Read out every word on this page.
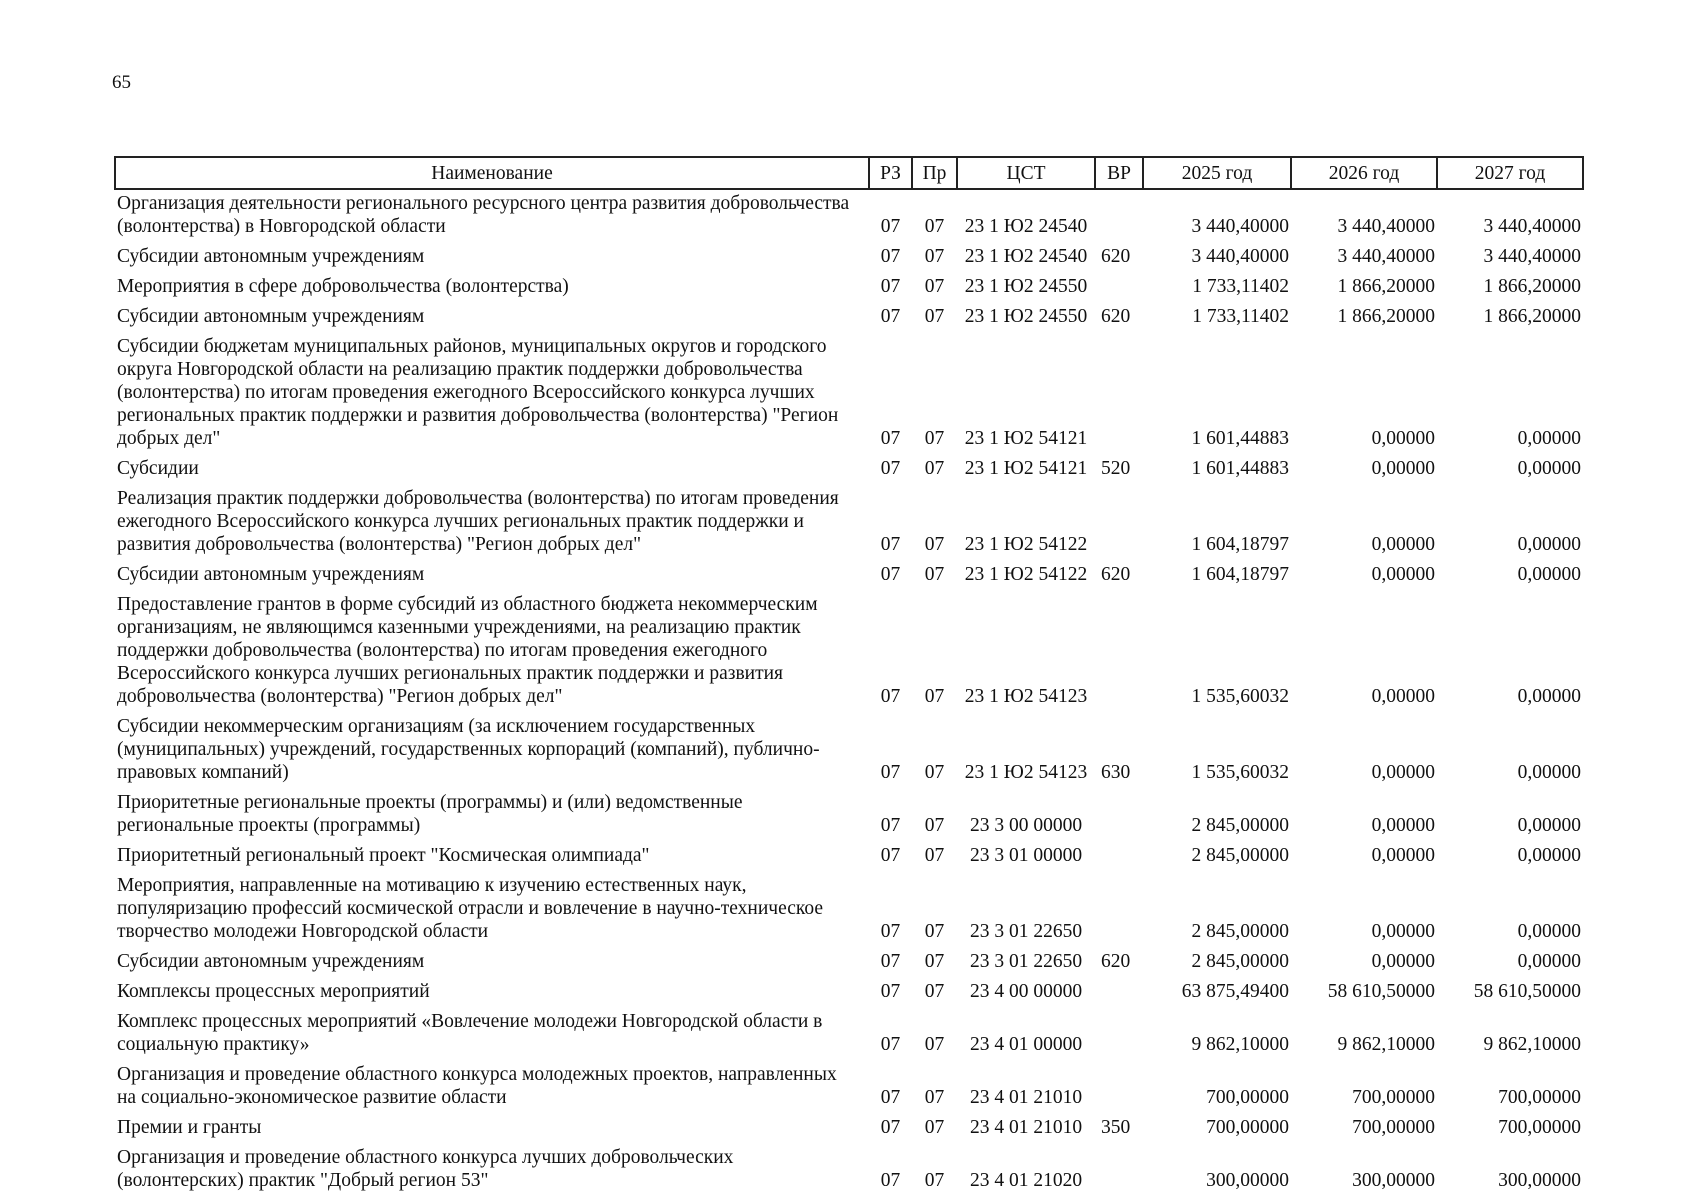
65
Наименование	РЗ	Пр	ЦСТ	ВР	2025 год	2026 год	2027 год
Организация деятельности регионального ресурсного центра развития добровольчества (волонтерства) в Новгородской области	07	07	23 1 Ю2 24540		3 440,40000	3 440,40000	3 440,40000
Субсидии автономным учреждениям	07	07	23 1 Ю2 24540	620	3 440,40000	3 440,40000	3 440,40000
Мероприятия в сфере добровольчества (волонтерства)	07	07	23 1 Ю2 24550		1 733,11402	1 866,20000	1 866,20000
Субсидии автономным учреждениям	07	07	23 1 Ю2 24550	620	1 733,11402	1 866,20000	1 866,20000
Субсидии бюджетам муниципальных районов, муниципальных округов и городского округа Новгородской области на реализацию практик поддержки добровольчества (волонтерства) по итогам проведения ежегодного Всероссийского конкурса лучших региональных практик поддержки и развития добровольчества (волонтерства) "Регион добрых дел"	07	07	23 1 Ю2 54121		1 601,44883	0,00000	0,00000
Субсидии	07	07	23 1 Ю2 54121	520	1 601,44883	0,00000	0,00000
Реализация практик поддержки добровольчества (волонтерства) по итогам проведения ежегодного Всероссийского конкурса лучших региональных практик поддержки и развития добровольчества (волонтерства) "Регион добрых дел"	07	07	23 1 Ю2 54122		1 604,18797	0,00000	0,00000
Субсидии автономным учреждениям	07	07	23 1 Ю2 54122	620	1 604,18797	0,00000	0,00000
Предоставление грантов в форме субсидий из областного бюджета некоммерческим организациям, не являющимся казенными учреждениями, на реализацию практик поддержки добровольчества (волонтерства) по итогам проведения ежегодного Всероссийского конкурса лучших региональных практик поддержки и развития добровольчества (волонтерства) "Регион добрых дел"	07	07	23 1 Ю2 54123		1 535,60032	0,00000	0,00000
Субсидии некоммерческим организациям (за исключением государственных (муниципальных) учреждений, государственных корпораций (компаний), публично-правовых компаний)	07	07	23 1 Ю2 54123	630	1 535,60032	0,00000	0,00000
Приоритетные региональные проекты (программы) и (или) ведомственные региональные проекты (программы)	07	07	23 3 00 00000		2 845,00000	0,00000	0,00000
Приоритетный региональный проект "Космическая олимпиада"	07	07	23 3 01 00000		2 845,00000	0,00000	0,00000
Мероприятия, направленные на мотивацию к изучению естественных наук, популяризацию профессий космической отрасли и вовлечение в научно-техническое творчество молодежи Новгородской области	07	07	23 3 01 22650		2 845,00000	0,00000	0,00000
Субсидии автономным учреждениям	07	07	23 3 01 22650	620	2 845,00000	0,00000	0,00000
Комплексы процессных мероприятий	07	07	23 4 00 00000		63 875,49400	58 610,50000	58 610,50000
Комплекс процессных мероприятий «Вовлечение молодежи Новгородской области в социальную практику»	07	07	23 4 01 00000		9 862,10000	9 862,10000	9 862,10000
Организация и проведение областного конкурса молодежных проектов, направленных на социально-экономическое развитие области	07	07	23 4 01 21010		700,00000	700,00000	700,00000
Премии и гранты	07	07	23 4 01 21010	350	700,00000	700,00000	700,00000
Организация и проведение областного конкурса лучших добровольческих (волонтерских) практик "Добрый регион 53"	07	07	23 4 01 21020		300,00000	300,00000	300,00000
